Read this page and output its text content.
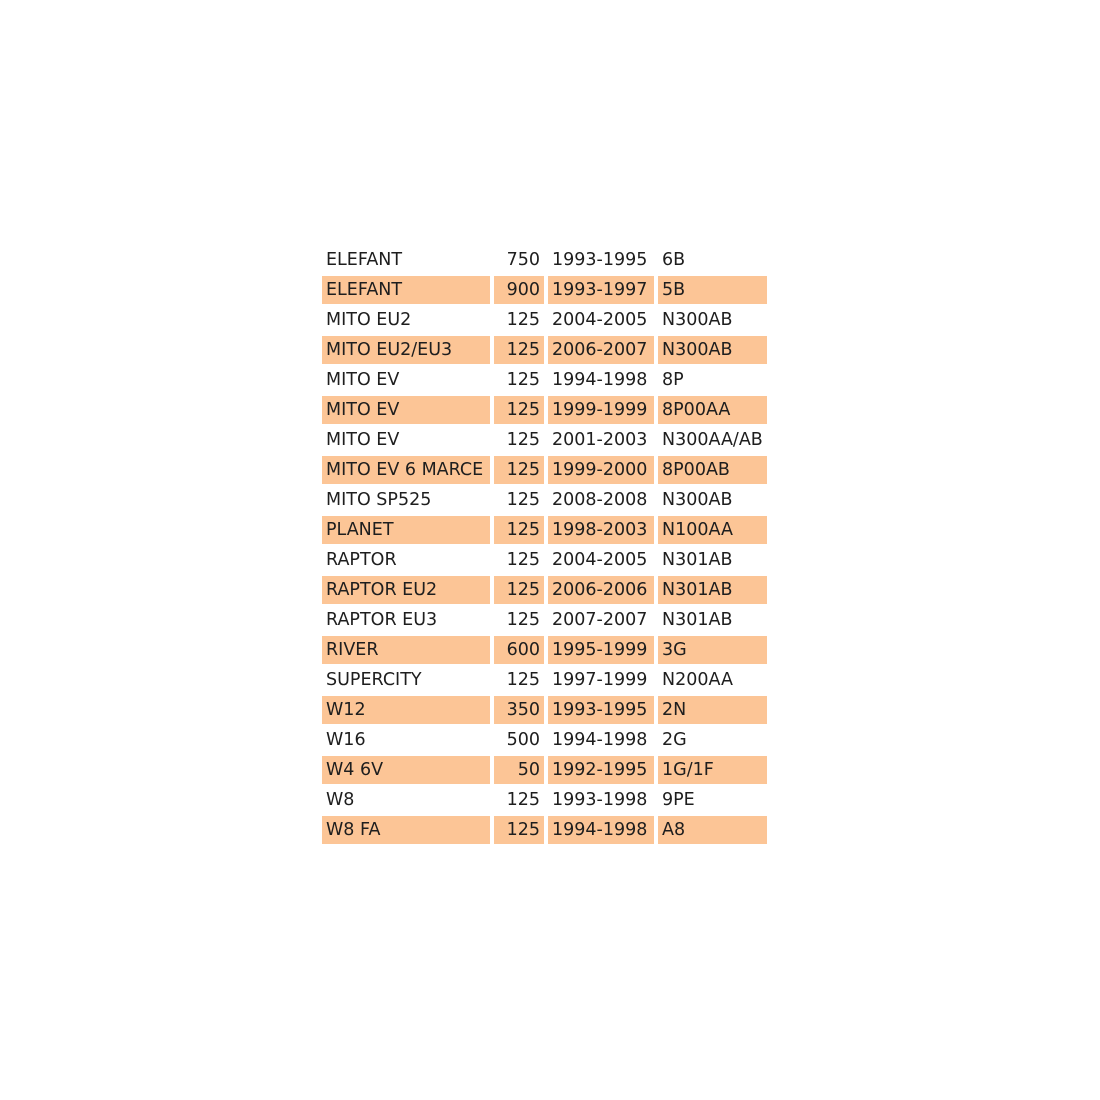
ELEFANT	750	1993-1995	6B
ELEFANT	900	1993-1997	5B
MITO EU2	125	2004-2005	N300AB
MITO EU2/EU3	125	2006-2007	N300AB
MITO EV	125	1994-1998	8P
MITO EV	125	1999-1999	8P00AA
MITO EV	125	2001-2003	N300AA/AB
MITO EV 6 MARCE	125	1999-2000	8P00AB
MITO SP525	125	2008-2008	N300AB
PLANET	125	1998-2003	N100AA
RAPTOR	125	2004-2005	N301AB
RAPTOR EU2	125	2006-2006	N301AB
RAPTOR EU3	125	2007-2007	N301AB
RIVER	600	1995-1999	3G
SUPERCITY	125	1997-1999	N200AA
W12	350	1993-1995	2N
W16	500	1994-1998	2G
W4 6V	50	1992-1995	1G/1F
W8	125	1993-1998	9PE
W8 FA	125	1994-1998	A8
